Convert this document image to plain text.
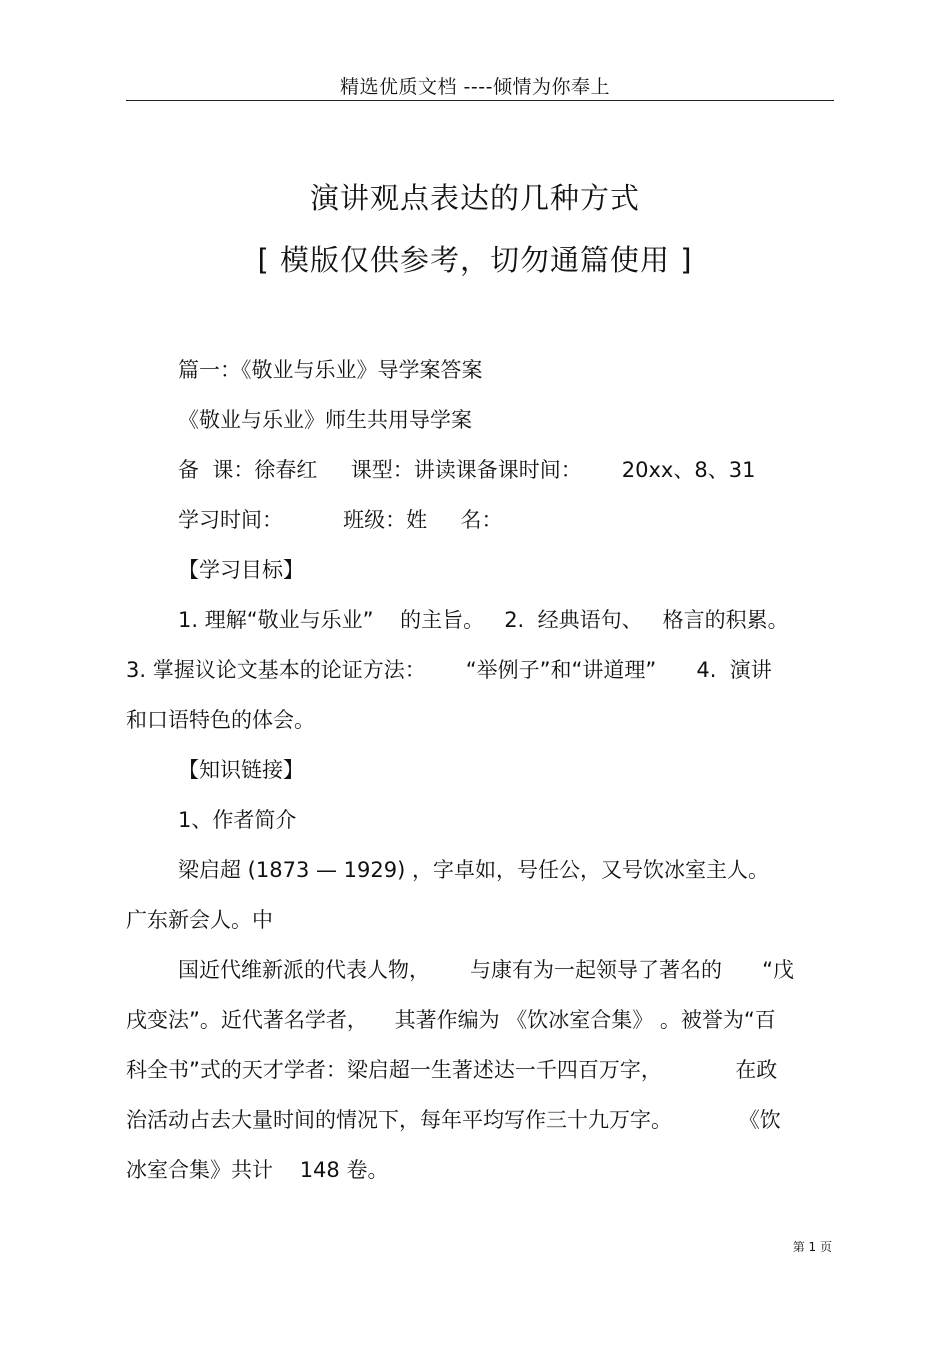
精选优质文档 ----倾情为你奉上
演讲观点表达的几种方式
[ 模版仅供参考，切勿通篇使用 ]
篇一：《敬业与乐业》导学案答案
《敬业与乐业》师生共用导学案
备  课：徐春红     课型：讲读课备课时间：      20xx、8、31
学习时间：         班级：姓     名：
【学习目标】
1. 理解“敬业与乐业”    的主旨。   2.  经典语句、   格言的积累。
3. 掌握议论文基本的论证方法：      “举例子”和“讲道理”      4.  演讲
和口语特色的体会。
【知识链接】
1、作者简介
梁启超 (1873 — 1929) ，字卓如，号任公，又号饮冰室主人。
广东新会人。中
国近代维新派的代表人物，      与康有为一起领导了著名的      “戊
戌变法”。近代著名学者，    其著作编为 《饮冰室合集》 。被誉为“百
科全书”式的天才学者：梁启超一生著述达一千四百万字，           在政
治活动占去大量时间的情况下，每年平均写作三十九万字。          《饮
冰室合集》共计    148 卷。
第 1 页
